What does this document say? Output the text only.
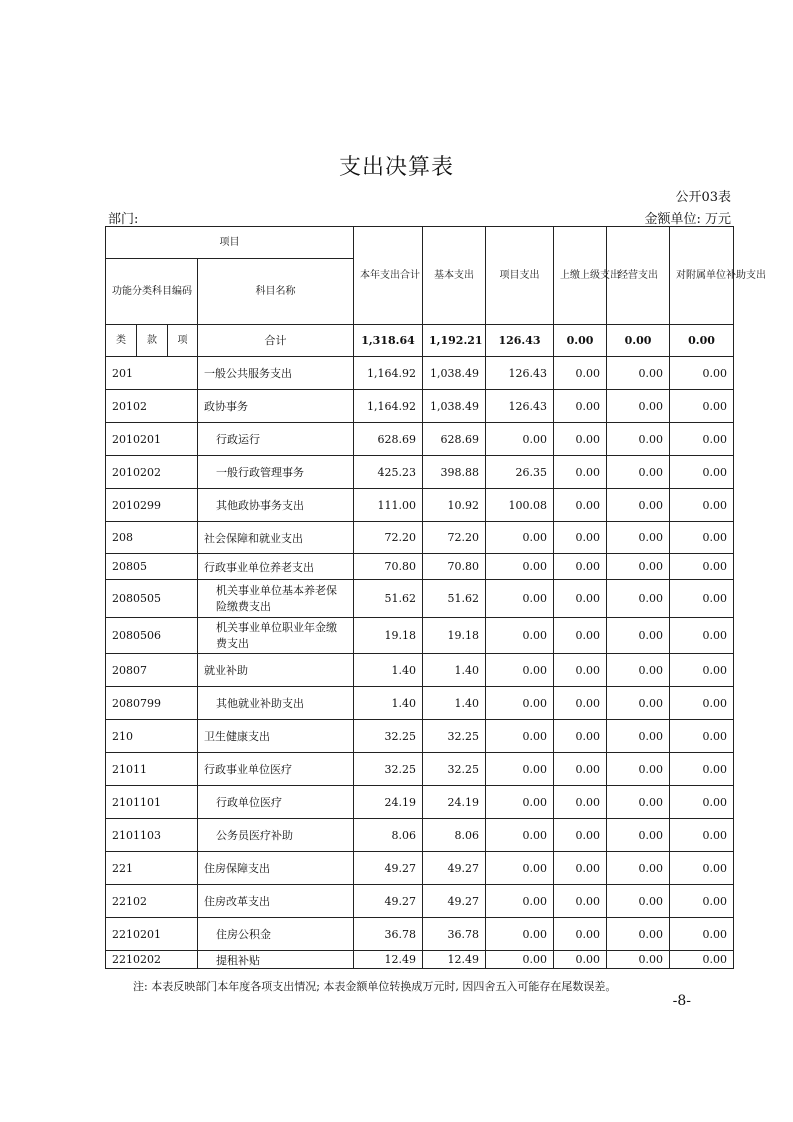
支出决算表
公开03表
部门:	金额单位: 万元
项目				本年支出合计	基本支出	项目支出	上缴上级支出	经营支出	对附属单位补助支出
功能分类科目编码			科目名称						
类	款	项	合计	1,318.64	1,192.21	126.43	0.00	0.00	0.00
201			一般公共服务支出	1,164.92	1,038.49	126.43	0.00	0.00	0.00
20102			政协事务	1,164.92	1,038.49	126.43	0.00	0.00	0.00
2010201			行政运行	628.69	628.69	0.00	0.00	0.00	0.00
2010202			一般行政管理事务	425.23	398.88	26.35	0.00	0.00	0.00
2010299			其他政协事务支出	111.00	10.92	100.08	0.00	0.00	0.00
208			社会保障和就业支出	72.20	72.20	0.00	0.00	0.00	0.00
20805			行政事业单位养老支出	70.80	70.80	0.00	0.00	0.00	0.00
2080505			机关事业单位基本养老保险缴费支出	51.62	51.62	0.00	0.00	0.00	0.00
2080506			机关事业单位职业年金缴费支出	19.18	19.18	0.00	0.00	0.00	0.00
20807			就业补助	1.40	1.40	0.00	0.00	0.00	0.00
2080799			其他就业补助支出	1.40	1.40	0.00	0.00	0.00	0.00
210			卫生健康支出	32.25	32.25	0.00	0.00	0.00	0.00
21011			行政事业单位医疗	32.25	32.25	0.00	0.00	0.00	0.00
2101101			行政单位医疗	24.19	24.19	0.00	0.00	0.00	0.00
2101103			公务员医疗补助	8.06	8.06	0.00	0.00	0.00	0.00
221			住房保障支出	49.27	49.27	0.00	0.00	0.00	0.00
22102			住房改革支出	49.27	49.27	0.00	0.00	0.00	0.00
2210201			住房公积金	36.78	36.78	0.00	0.00	0.00	0.00
2210202			提租补贴	12.49	12.49	0.00	0.00	0.00	0.00
注: 本表反映部门本年度各项支出情况; 本表金额单位转换成万元时, 因四舍五入可能存在尾数误差。
-8-
